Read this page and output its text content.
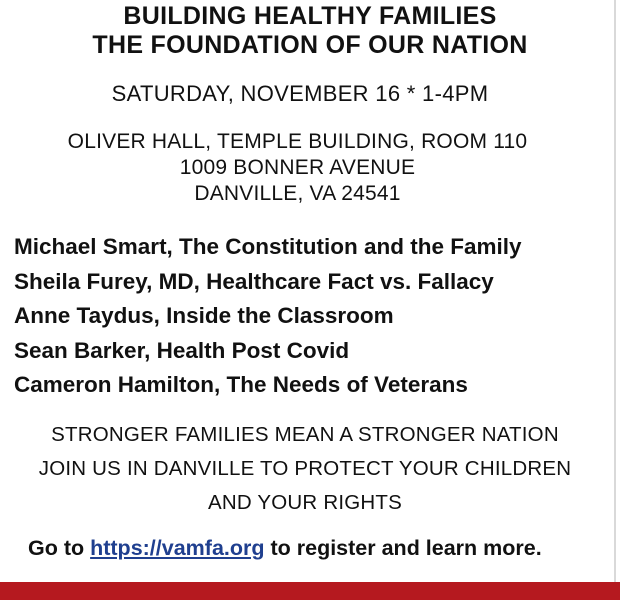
BUILDING HEALTHY FAMILIES
THE FOUNDATION OF OUR NATION
SATURDAY, NOVEMBER 16 * 1-4PM
OLIVER HALL, TEMPLE BUILDING, ROOM 110
1009 BONNER AVENUE
DANVILLE, VA 24541
Michael Smart, The Constitution and the Family
Sheila Furey, MD, Healthcare Fact vs. Fallacy
Anne Taydus, Inside the Classroom
Sean Barker, Health Post Covid
Cameron Hamilton, The Needs of Veterans
STRONGER FAMILIES MEAN A STRONGER NATION
JOIN US IN DANVILLE TO PROTECT YOUR CHILDREN
AND YOUR RIGHTS
Go to https://vamfa.org to register and learn more.
